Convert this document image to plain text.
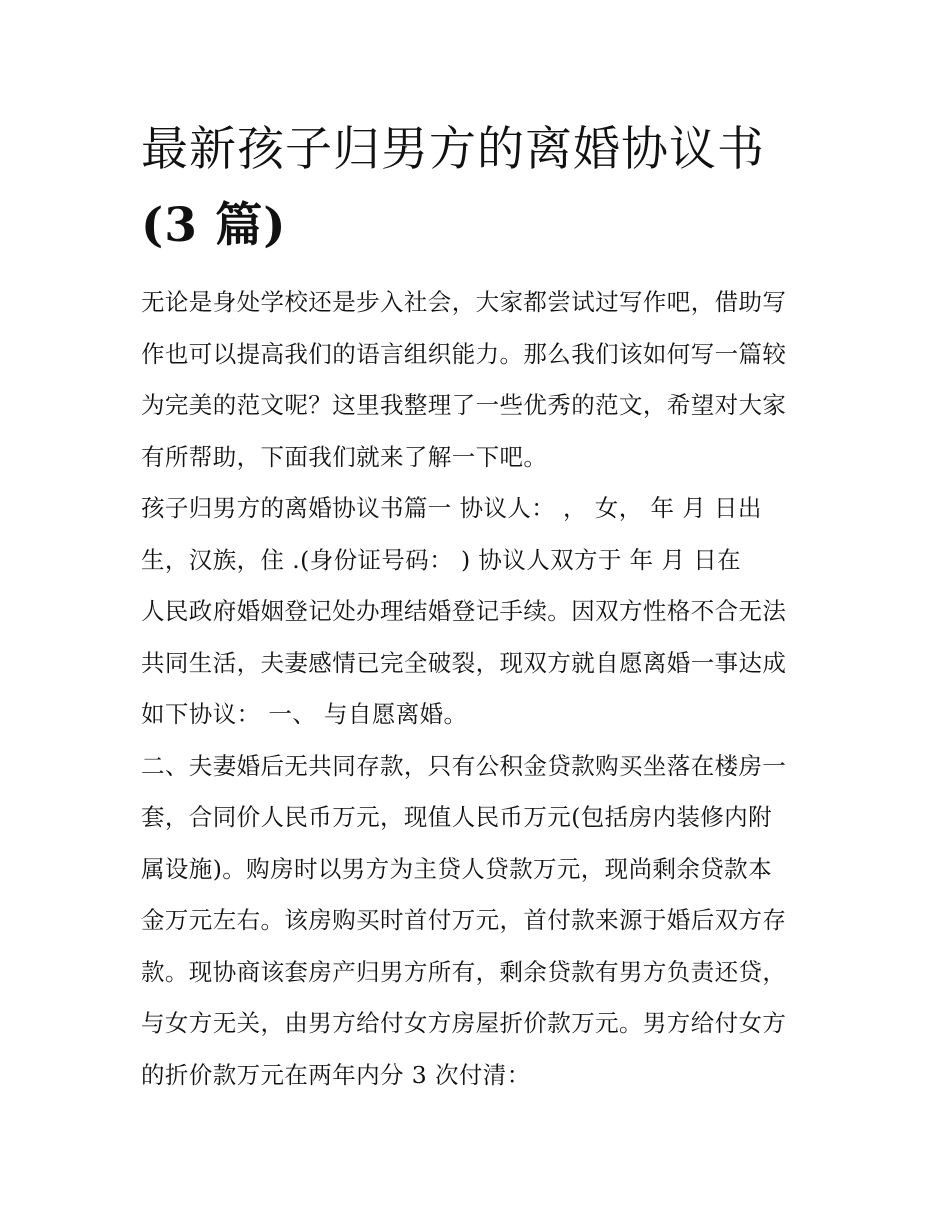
最新孩子归男方的离婚协议书
(3 篇)

无论是身处学校还是步入社会，大家都尝试过写作吧，借助写
作也可以提高我们的语言组织能力。那么我们该如何写一篇较
为完美的范文呢？这里我整理了一些优秀的范文，希望对大家
有所帮助，下面我们就来了解一下吧。

孩子归男方的离婚协议书篇一 协议人： ， 女， 年 月 日出
生，汉族，住 .(身份证号码： ) 协议人双方于 年 月 日在
人民政府婚姻登记处办理结婚登记手续。因双方性格不合无法
共同生活，夫妻感情已完全破裂，现双方就自愿离婚一事达成
如下协议： 一、 与自愿离婚。

二、夫妻婚后无共同存款，只有公积金贷款购买坐落在楼房一
套，合同价人民币万元，现值人民币万元(包括房内装修内附
属设施)。购房时以男方为主贷人贷款万元，现尚剩余贷款本
金万元左右。该房购买时首付万元，首付款来源于婚后双方存
款。现协商该套房产归男方所有，剩余贷款有男方负责还贷，
与女方无关，由男方给付女方房屋折价款万元。男方给付女方
的折价款万元在两年内分 3 次付清：
